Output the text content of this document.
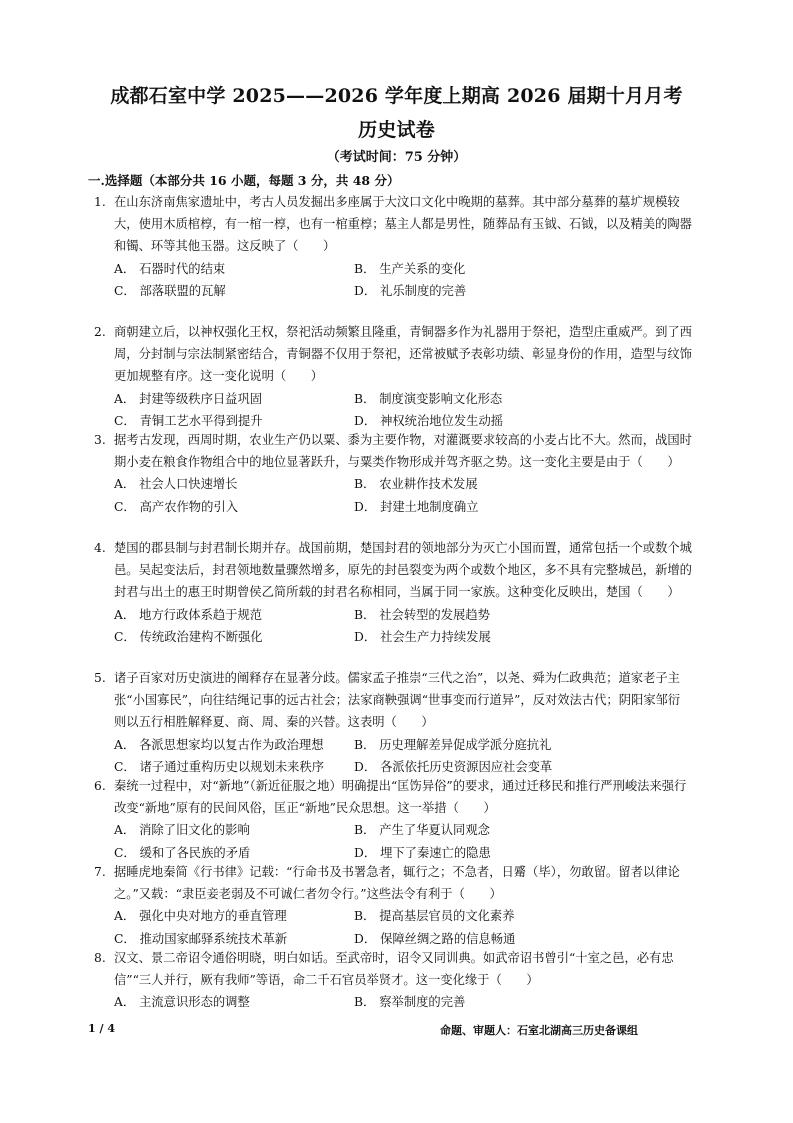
成都石室中学 2025——2026 学年度上期高 2026 届期十月月考
历史试卷
（考试时间：75 分钟）
一.选择题（本部分共 16 小题，每题 3 分，共 48 分）
1. 在山东济南焦家遗址中，考古人员发掘出多座属于大汶口文化中晚期的墓葬。其中部分墓葬的墓圹规模较大，使用木质棺椁，有一棺一椁，也有一棺重椁；墓主人都是男性，随葬品有玉钺、石钺，以及精美的陶器和镯、环等其他玉器。这反映了（　　）
A． 石器时代的结束	B． 生产关系的变化
C． 部落联盟的瓦解	D． 礼乐制度的完善
2. 商朝建立后，以神权强化王权，祭祀活动频繁且隆重，青铜器多作为礼器用于祭祀，造型庄重威严。到了西周，分封制与宗法制紧密结合，青铜器不仅用于祭祀，还常被赋予表彰功绩、彰显身份的作用，造型与纹饰更加规整有序。这一变化说明（　　）
A． 封建等级秩序日益巩固	B． 制度演变影响文化形态
C． 青铜工艺水平得到提升	D． 神权统治地位发生动摇
3. 据考古发现，西周时期，农业生产仍以粟、黍为主要作物，对灌溉要求较高的小麦占比不大。然而，战国时期小麦在粮食作物组合中的地位显著跃升，与粟类作物形成并驾齐驱之势。这一变化主要是由于（　　）
A． 社会人口快速增长	B． 农业耕作技术发展
C． 高产农作物的引入	D． 封建土地制度确立
4. 楚国的郡县制与封君制长期并存。战国前期，楚国封君的领地部分为灭亡小国而置，通常包括一个或数个城邑。吴起变法后，封君领地数量骤然增多，原先的封邑裂变为两个或数个地区，多不具有完整城邑，新增的封君与出土的惠王时期曾侯乙简所载的封君名称相同，当属于同一家族。这种变化反映出，楚国（　　）
A． 地方行政体系趋于规范	B． 社会转型的发展趋势
C． 传统政治建构不断强化	D． 社会生产力持续发展
5. 诸子百家对历史演进的阐释存在显著分歧。儒家孟子推崇“三代之治”，以尧、舜为仁政典范；道家老子主张“小国寡民”，向往结绳记事的远古社会；法家商鞅强调“世事变而行道异”，反对效法古代；阴阳家邹衍则以五行相胜解释夏、商、周、秦的兴替。这表明（　　）
A． 各派思想家均以复古作为政治理想	B． 历史理解差异促成学派分庭抗礼
C． 诸子通过重构历史以规划未来秩序	D． 各派依托历史资源因应社会变革
6. 秦统一过程中，对“新地”（新近征服之地）明确提出“匡饬异俗”的要求，通过迁移民和推行严刑峻法来强行改变“新地”原有的民间风俗，匡正“新地”民众思想。这一举措（　　）
A． 消除了旧文化的影响	B． 产生了华夏认同观念
C． 缓和了各民族的矛盾	D． 埋下了秦速亡的隐患
7. 据睡虎地秦简《行书律》记载：“行命书及书署急者，辄行之；不急者，日觱（毕），勿敢留。留者以律论之。”又载：“隶臣妾老弱及不可诚仁者勿令行。”这些法令有利于（　　）
A． 强化中央对地方的垂直管理	B． 提高基层官员的文化素养
C． 推动国家邮驿系统技术革新	D． 保障丝绸之路的信息畅通
8. 汉文、景二帝诏令通俗明晓，明白如话。至武帝时，诏令又同训典。如武帝诏书曾引“十室之邑，必有忠信”“三人并行，厥有我师”等语，命二千石官员举贤才。这一变化缘于（　　）
A． 主流意识形态的调整	B． 察举制度的完善
1 / 4	命题、审题人：石室北湖高三历史备课组
